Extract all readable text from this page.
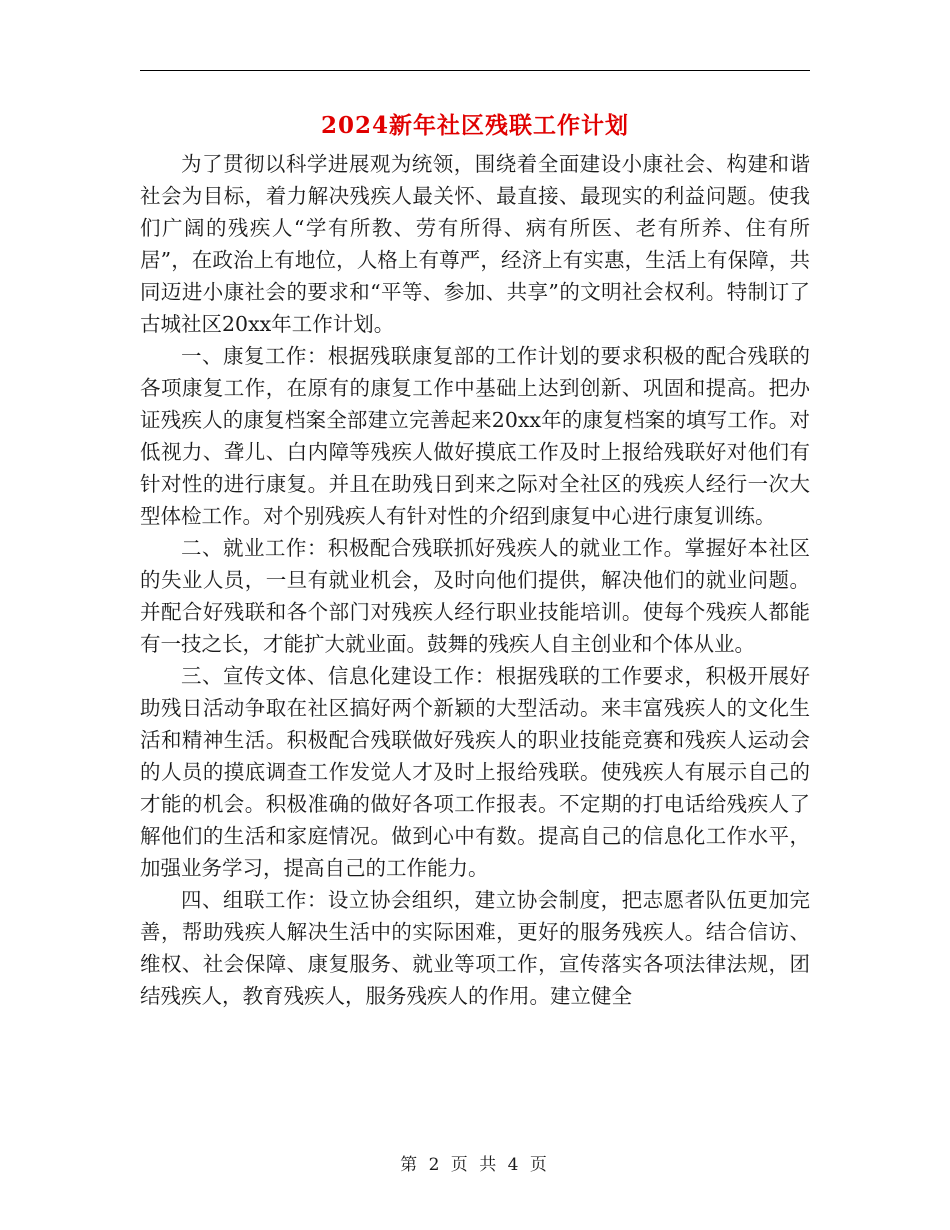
2024新年社区残联工作计划

为了贯彻以科学进展观为统领，围绕着全面建设小康社会、构建和谐社会为目标，着力解决残疾人最关怀、最直接、最现实的利益问题。使我们广阔的残疾人“学有所教、劳有所得、病有所医、老有所养、住有所居”，在政治上有地位，人格上有尊严，经济上有实惠，生活上有保障，共同迈进小康社会的要求和“平等、参加、共享”的文明社会权利。特制订了古城社区20xx年工作计划。

一、康复工作：根据残联康复部的工作计划的要求积极的配合残联的各项康复工作，在原有的康复工作中基础上达到创新、巩固和提高。把办证残疾人的康复档案全部建立完善起来20xx年的康复档案的填写工作。对低视力、聋儿、白内障等残疾人做好摸底工作及时上报给残联好对他们有针对性的进行康复。并且在助残日到来之际对全社区的残疾人经行一次大型体检工作。对个别残疾人有针对性的介绍到康复中心进行康复训练。

二、就业工作：积极配合残联抓好残疾人的就业工作。掌握好本社区的失业人员，一旦有就业机会，及时向他们提供，解决他们的就业问题。并配合好残联和各个部门对残疾人经行职业技能培训。使每个残疾人都能有一技之长，才能扩大就业面。鼓舞的残疾人自主创业和个体从业。

三、宣传文体、信息化建设工作：根据残联的工作要求，积极开展好助残日活动争取在社区搞好两个新颖的大型活动。来丰富残疾人的文化生活和精神生活。积极配合残联做好残疾人的职业技能竞赛和残疾人运动会的人员的摸底调查工作发觉人才及时上报给残联。使残疾人有展示自己的才能的机会。积极准确的做好各项工作报表。不定期的打电话给残疾人了解他们的生活和家庭情况。做到心中有数。提高自己的信息化工作水平，加强业务学习，提高自己的工作能力。

四、组联工作：设立协会组织，建立协会制度，把志愿者队伍更加完善，帮助残疾人解决生活中的实际困难，更好的服务残疾人。结合信访、维权、社会保障、康复服务、就业等项工作，宣传落实各项法律法规，团结残疾人，教育残疾人，服务残疾人的作用。建立健全

第 2 页 共 4 页
